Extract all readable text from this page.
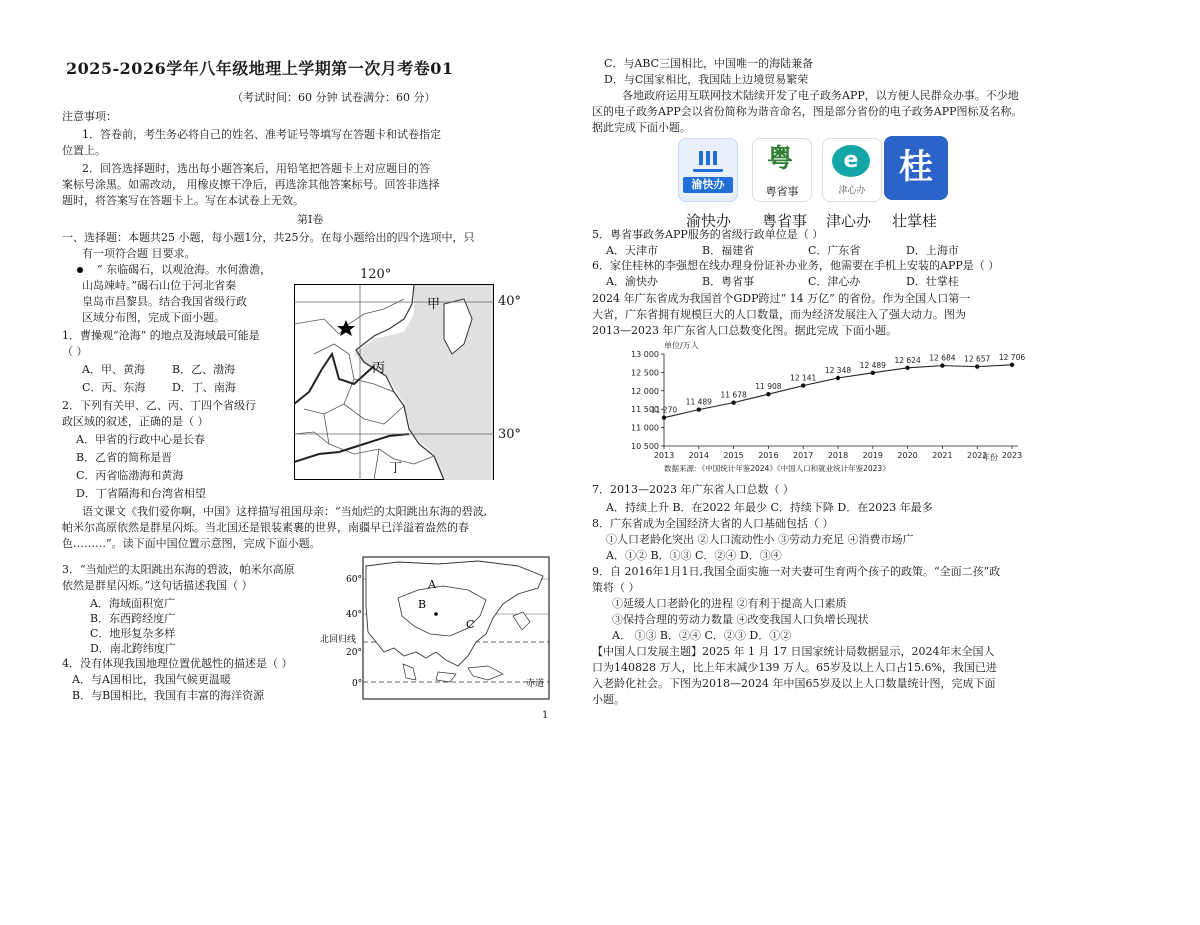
2025-2026学年八年级地理上学期第一次月考卷01
（考试时间：60 分钟 试卷满分：60 分）
注意事项：
1．答卷前，考生务必将自己的姓名、准考证号等填写在答题卡和试卷指定
位置上。
2．回答选择题时，选出每小题答案后，用铅笔把答题卡上对应题目的答
案标号涂黑。如需改动， 用橡皮擦干净后，再选涂其他答案标号。回答非选择
题时，将答案写在答题卡上。写在本试卷上无效。
第Ⅰ卷
一、选择题：本题共25 小题，每小题1分，共25分。在每小题给出的四个选项中，只
有一项符合题 目要求。
“ 东临碣石，以观沧海。水何澹澹，
山岛竦峙。”碣石山位于河北省秦
皇岛市昌黎县。结合我国省级行政
区域分布图，完成下面小题。
120°
40°
30°
甲
丙
丁
1．曹操观“沧海” 的地点及海域最可能是
（ ）
A．甲、黄海 B．乙、渤海
C．丙、东海 D．丁、南海
2．下列有关甲、乙、丙、丁四个省级行
政区域的叙述，正确的是（ ）
A．甲省的行政中心是长春
B．乙省的简称是晋
C．丙省临渤海和黄海
D．丁省隔海和台湾省相望
语文课文《我们爱你啊，中国》这样描写祖国母亲：“当灿烂的太阳跳出东海的碧波,
帕米尔高原依然是群星闪烁。当北国还是银装素裹的世界，南疆早已洋溢着盎然的春
色………”。读下面中国位置示意图，完成下面小题。
60°
40°
20°
0°
北回归线
赤道
A
B
C
3．“当灿烂的太阳跳出东海的碧波，帕米尔高原
依然是群星闪烁。”这句话描述我国（ ）
A．海域面积宽广
B．东西跨经度广
C．地形复杂多样
D．南北跨纬度广
4．没有体现我国地理位置优越性的描述是（ ）
A．与A国相比，我国气候更温暖
B．与B国相比，我国有丰富的海洋资源
1
C．与ABC三国相比，中国唯一的海陆兼备
D．与C国家相比，我国陆上边境贸易繁荣
各地政府运用互联网技术陆续开发了电子政务APP，以方便人民群众办事。不少地
区的电子政务APP会以省份简称为谐音命名，图是部分省份的电子政务APP图标及名称。
据此完成下面小题。
渝快办
粤
粤省事
e
津心办
桂
渝快办 粤省事 津心办 壮掌桂
5．粤省事政务APP服务的省级行政单位是（ ）
A．天津市	B．福建省	C．广东省	D．上海市
6．家住桂林的李强想在线办理身份证补办业务，他需要在手机上安装的APP是（ ）
A．渝快办	B．粤省事	C．津心办	D．壮掌桂
2024 年广东省成为我国首个GDP跨过“ 14 万亿” 的省份。作为全国人口第一
大省，广东省拥有规模巨大的人口数量，而为经济发展注入了强大动力。图为
2013—2023 年广东省人口总数变化图。据此完成 下面小题。
单位/万人
年份
数据来源：《中国统计年鉴2024》《中国人口和就业统计年鉴2023》
10 500
11 000
11 500
12 000
12 500
13 000
2013 2014 2015 2016 2017 2018 2019 2020 2021 2022 2023
11 270
11 489
11 678
11 908
12 141
12 348
12 489
12 624 12 684 12 657 12 706
7．2013—2023 年广东省人口总数（ ）
A．持续上升 B．在2022 年最少 C．持续下降 D．在2023 年最多
8．广东省成为全国经济大省的人口基础包括（ ）
①人口老龄化突出 ②人口流动性小 ③劳动力充足 ④消费市场广
A．①② B．①③ C．②④ D．③④
9．自 2016年1月1日,我国全面实施一对夫妻可生育两个孩子的政策。“全面二孩”政
策将（ ）
①延缓人口老龄化的进程 ②有利于提高人口素质
③保持合理的劳动力数量 ④改变我国人口负增长现状
A． ①③ B．②④ C．②③ D．①②
【中国人口发展主题】2025 年 1 月 17 日国家统计局数据显示，2024年末全国人
口为140828 万人，比上年末减少139 万人。65岁及以上人口占15.6%，我国已进
入老龄化社会。下图为2018—2024 年中国65岁及以上人口数量统计图，完成下面
小题。
